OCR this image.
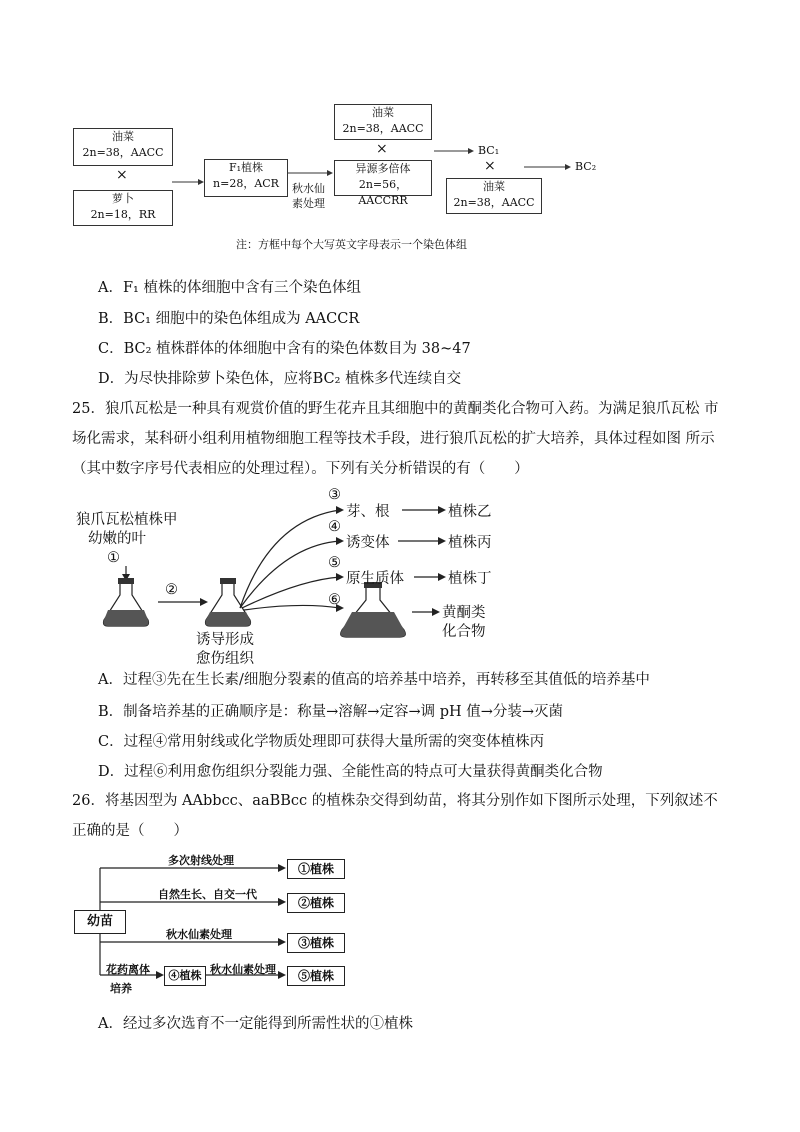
油菜
2n=38，AACC
×
萝卜
2n=18，RR
F₁植株
n=28，ACR	秋水仙
素处理
油菜
2n=38，AACC
×
异源多倍体
2n=56，AACCRR
BC₁
×	BC₂
油菜
2n=38，AACC
注：方框中每个大写英文字母表示一个染色体组
A．F₁ 植株的体细胞中含有三个染色体组
B．BC₁ 细胞中的染色体组成为 AACCR
C．BC₂ 植株群体的体细胞中含有的染色体数目为 38~47
D．为尽快排除萝卜染色体，应将BC₂ 植株多代连续自交
25．狼爪瓦松是一种具有观赏价值的野生花卉且其细胞中的黄酮类化合物可入药。为满足狼爪瓦松 市场化需求，某科研小组利用植物细胞工程等技术手段，进行狼爪瓦松的扩大培养，具体过程如图 所示（其中数字序号代表相应的处理过程）。下列有关分析错误的有（　　）
狼爪瓦松植株甲
幼嫩的叶
①
②
诱导形成
愈伤组织
③
芽、根	植株乙
④
诱变体	植株丙
⑤
原生质体	植株丁
⑥
黄酮类
化合物
A．过程③先在生长素/细胞分裂素的值高的培养基中培养，再转移至其值低的培养基中
B．制备培养基的正确顺序是：称量→溶解→定容→调 pH 值→分装→灭菌
C．过程④常用射线或化学物质处理即可获得大量所需的突变体植株丙
D．过程⑥利用愈伤组织分裂能力强、全能性高的特点可大量获得黄酮类化合物
26．将基因型为 AAbbcc、aaBBcc 的植株杂交得到幼苗，将其分别作如下图所示处理，下列叙述不正确的是（　　）
幼苗
多次射线处理
自然生长、自交一代
秋水仙素处理
花药离体
培养
秋水仙素处理
①植株
②植株
③植株
④植株	⑤植株
A．经过多次选育不一定能得到所需性状的①植株
